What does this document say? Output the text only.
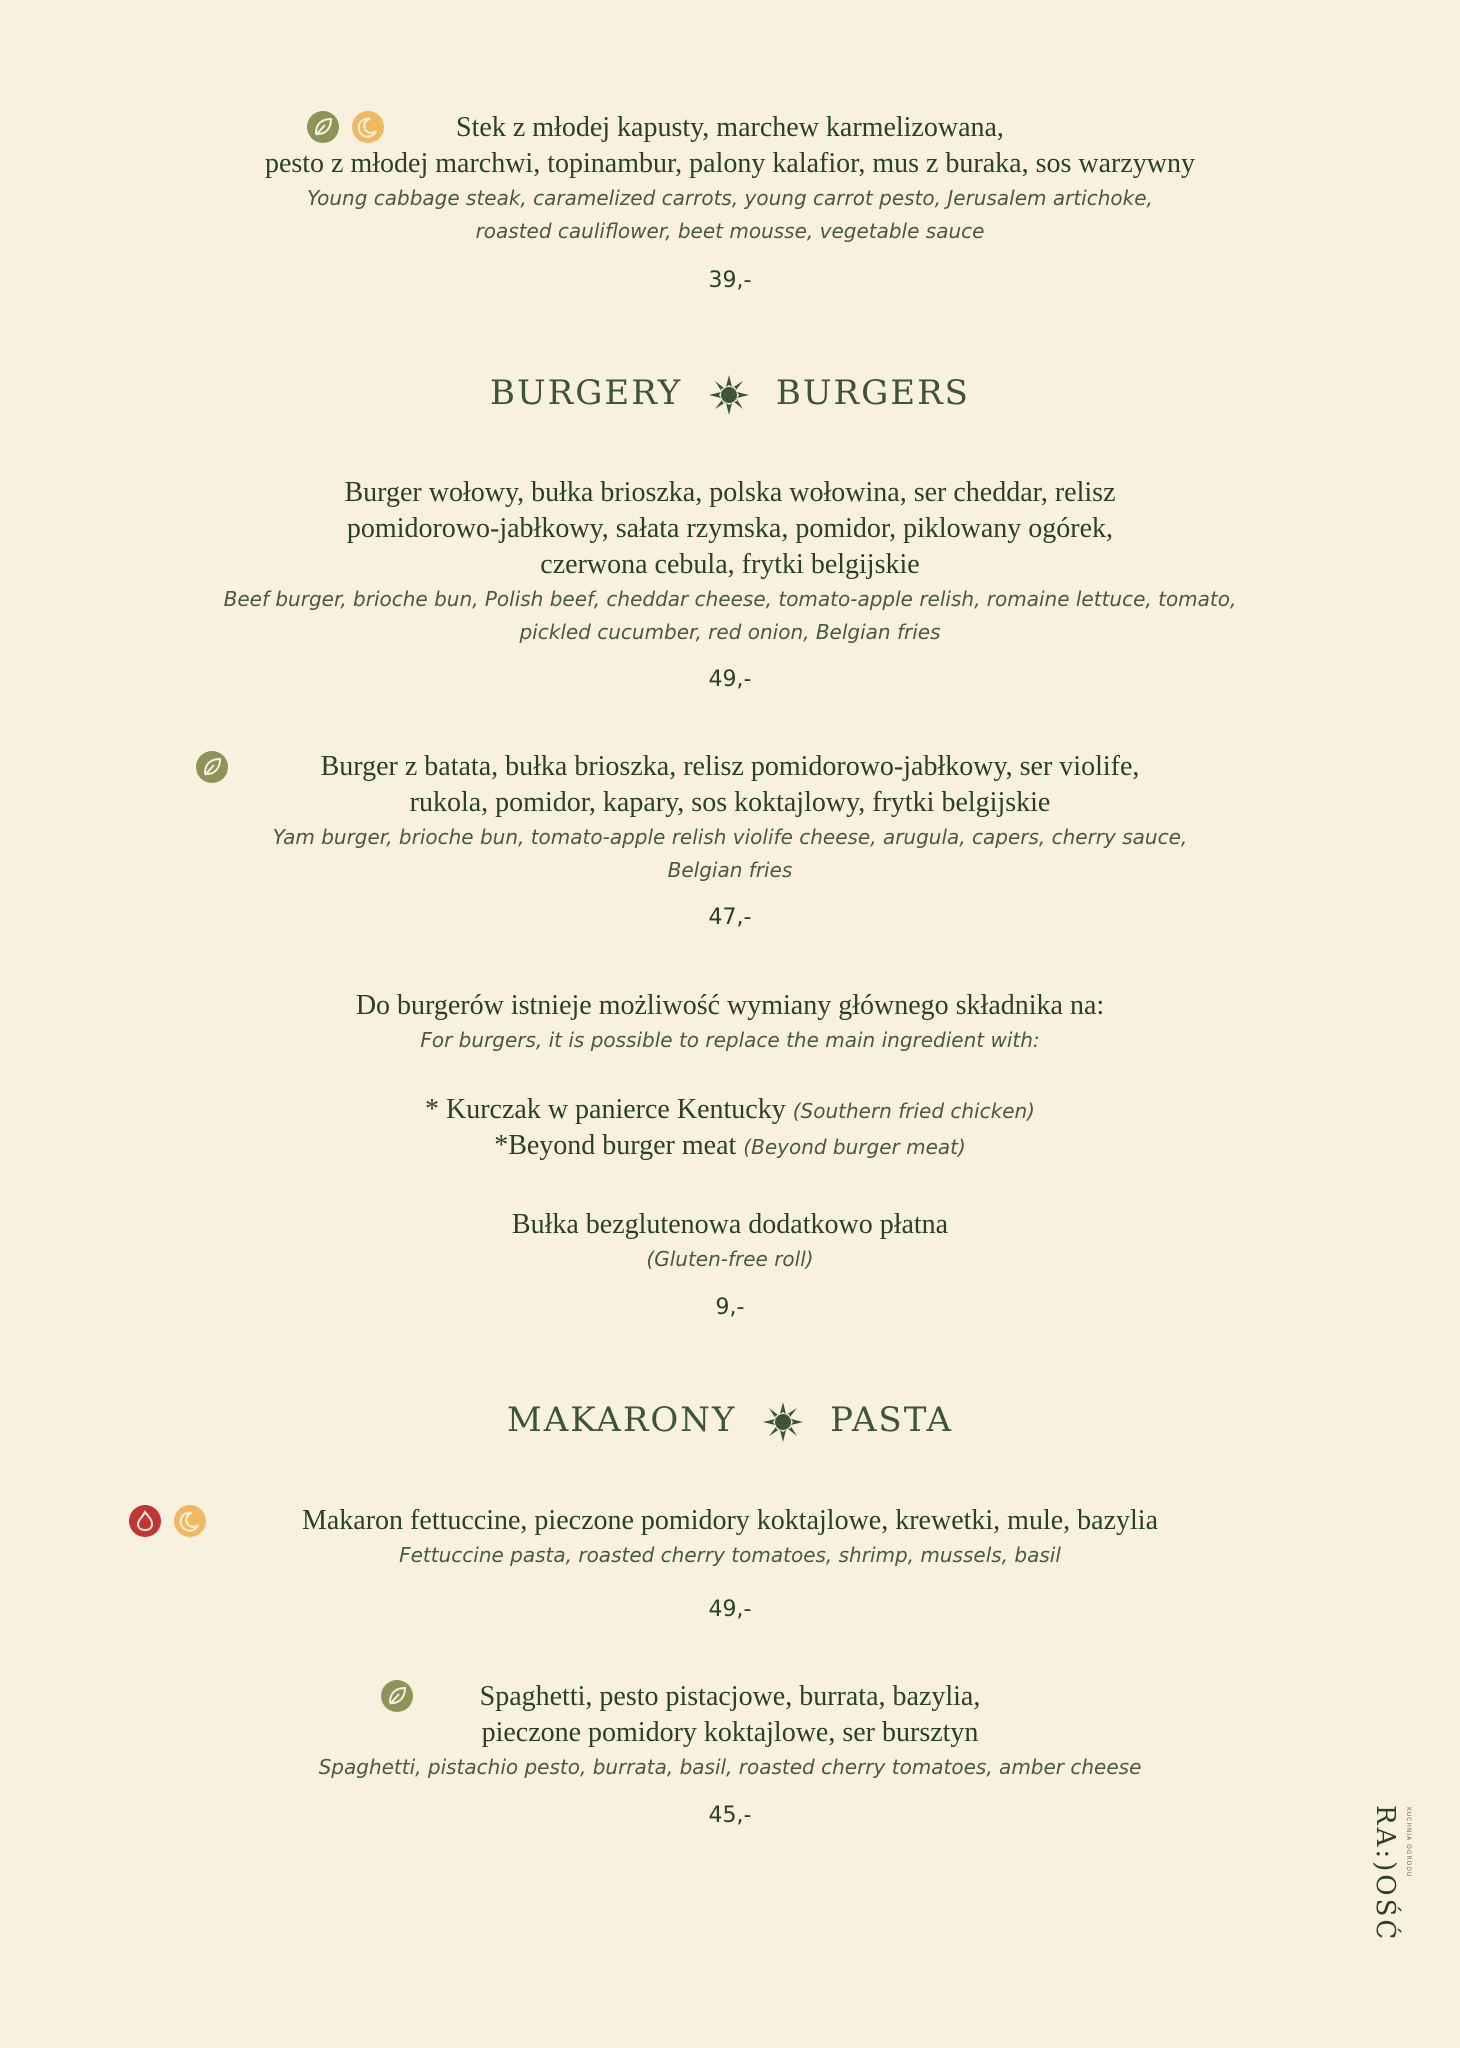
Stek z młodej kapusty, marchew karmelizowana,

pesto z młodej marchwi, topinambur, palony kalafior, mus z buraka, sos warzywny

Young cabbage steak, caramelized carrots, young carrot pesto, Jerusalem artichoke,

roasted cauliflower, beet mousse, vegetable sauce

39,-

BURGERY	BURGERS

Burger wołowy, bułka brioszka, polska wołowina, ser cheddar, relisz

pomidorowo-jabłkowy, sałata rzymska, pomidor, piklowany ogórek,

czerwona cebula, frytki belgijskie

Beef burger, brioche bun, Polish beef, cheddar cheese, tomato-apple relish, romaine lettuce, tomato,

pickled cucumber, red onion, Belgian fries

49,-

Burger z batata, bułka brioszka, relisz pomidorowo-jabłkowy, ser violife,

rukola, pomidor, kapary, sos koktajlowy, frytki belgijskie

Yam burger, brioche bun, tomato-apple relish violife cheese, arugula, capers, cherry sauce,

Belgian fries

47,-

Do burgerów istnieje możliwość wymiany głównego składnika na:

For burgers, it is possible to replace the main ingredient with:

* Kurczak w panierce Kentucky (Southern fried chicken)

*Beyond burger meat (Beyond burger meat)

Bułka bezglutenowa dodatkowo płatna

(Gluten-free roll)

9,-

MAKARONY	PASTA

Makaron fettuccine, pieczone pomidory koktajlowe, krewetki, mule, bazylia

Fettuccine pasta, roasted cherry tomatoes, shrimp, mussels, basil

49,-

Spaghetti, pesto pistacjowe, burrata, bazylia,

pieczone pomidory koktajlowe, ser bursztyn

Spaghetti, pistachio pesto, burrata, basil, roasted cherry tomatoes, amber cheese

45,-	RA:)OŚĆ KUCHNIA OGRODU
